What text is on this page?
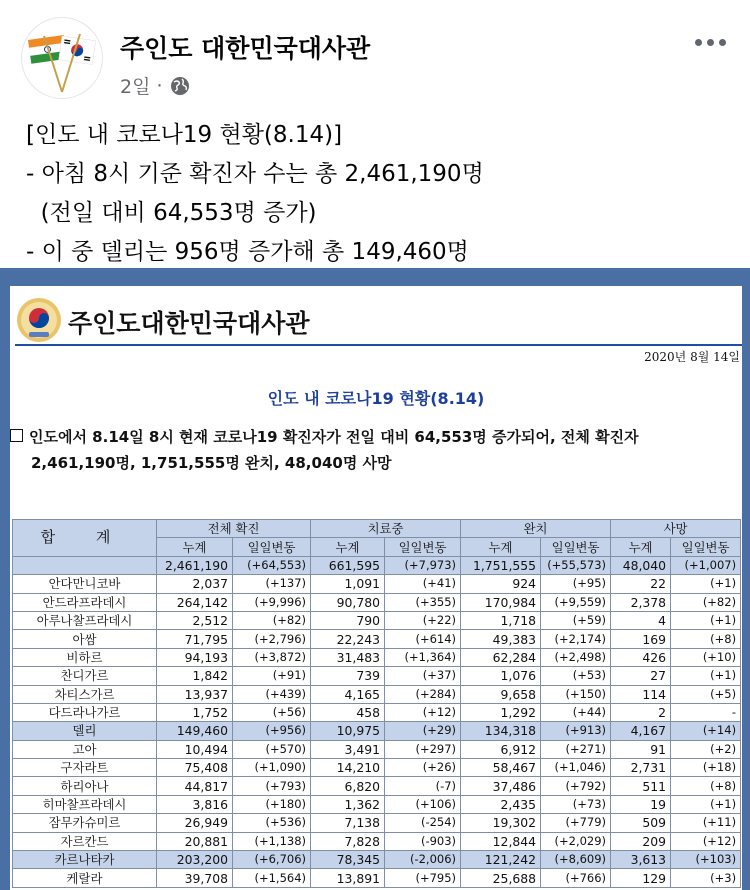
주인도 대한민국대사관
2일 ·
[인도 내 코로나19 현황(8.14)]
- 아침 8시 기준 확진자 수는 총 2,461,190명
(전일 대비 64,553명 증가)
- 이 중 델리는 956명 증가해 총 149,460명
주인도대한민국대사관
2020년 8월 14일
인도 내 코로나19 현황(8.14)
인도에서 8.14일 8시 현재 코로나19 확진자가 전일 대비 64,553명 증가되어, 전체 확진자
2,461,190명, 1,751,555명 완치, 48,040명 사망
합 계	전체 확진		치료중		완치		사망	
	누계	일일변동	누계	일일변동	누계	일일변동	누계	일일변동
	2,461,190	(+64,553)	661,595	(+7,973)	1,751,555	(+55,573)	48,040	(+1,007)
안다만니코바	2,037	(+137)	1,091	(+41)	924	(+95)	22	(+1)
안드라프라데시	264,142	(+9,996)	90,780	(+355)	170,984	(+9,559)	2,378	(+82)
아루나찰프라데시	2,512	(+82)	790	(+22)	1,718	(+59)	4	(+1)
아쌈	71,795	(+2,796)	22,243	(+614)	49,383	(+2,174)	169	(+8)
비하르	94,193	(+3,872)	31,483	(+1,364)	62,284	(+2,498)	426	(+10)
찬디가르	1,842	(+91)	739	(+37)	1,076	(+53)	27	(+1)
차티스가르	13,937	(+439)	4,165	(+284)	9,658	(+150)	114	(+5)
다드라나가르	1,752	(+56)	458	(+12)	1,292	(+44)	2	-
델리	149,460	(+956)	10,975	(+29)	134,318	(+913)	4,167	(+14)
고아	10,494	(+570)	3,491	(+297)	6,912	(+271)	91	(+2)
구자라트	75,408	(+1,090)	14,210	(+26)	58,467	(+1,046)	2,731	(+18)
하리아나	44,817	(+793)	6,820	(-7)	37,486	(+792)	511	(+8)
히마찰프라데시	3,816	(+180)	1,362	(+106)	2,435	(+73)	19	(+1)
잠무카슈미르	26,949	(+536)	7,138	(-254)	19,302	(+779)	509	(+11)
자르칸드	20,881	(+1,138)	7,828	(-903)	12,844	(+2,029)	209	(+12)
카르나타카	203,200	(+6,706)	78,345	(-2,006)	121,242	(+8,609)	3,613	(+103)
케랄라	39,708	(+1,564)	13,891	(+795)	25,688	(+766)	129	(+3)
